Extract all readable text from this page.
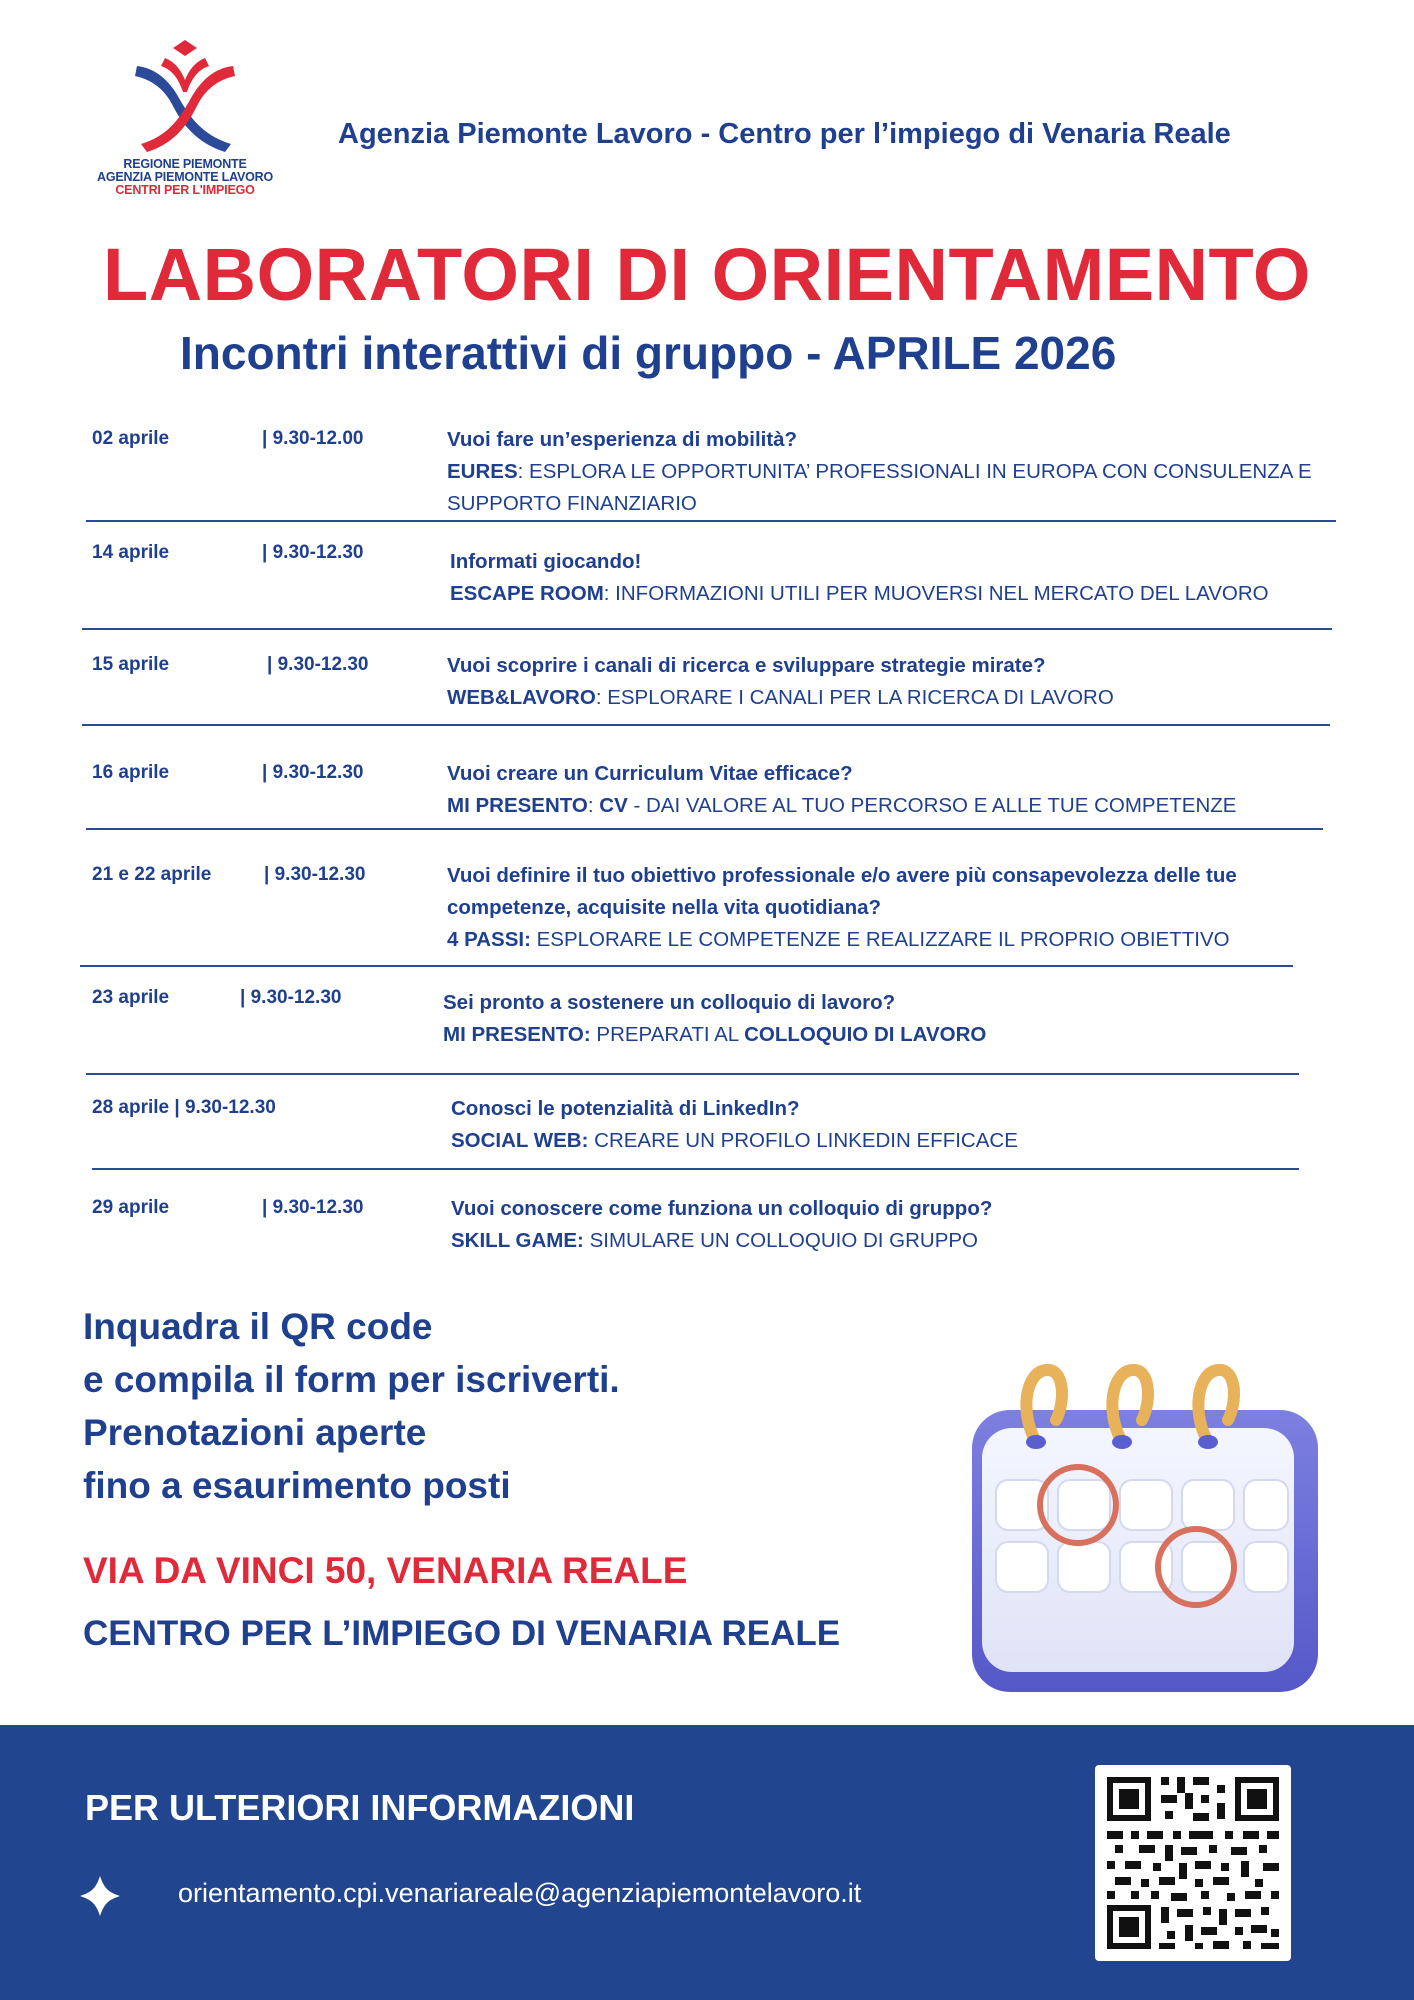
REGIONE PIEMONTE
AGENZIA PIEMONTE LAVORO
CENTRI PER L'IMPIEGO
Agenzia Piemonte Lavoro - Centro per l’impiego di Venaria Reale
LABORATORI DI ORIENTAMENTO
Incontri interattivi di gruppo - APRILE 2026
02 aprile	| 9.30-12.00	Vuoi fare un’esperienza di mobilità?
EURES: ESPLORA LE OPPORTUNITA’ PROFESSIONALI IN EUROPA CON CONSULENZA E SUPPORTO FINANZIARIO
14 aprile	| 9.30-12.30	Informati giocando!
ESCAPE ROOM: INFORMAZIONI UTILI PER MUOVERSI NEL MERCATO DEL LAVORO
15 aprile	| 9.30-12.30	Vuoi scoprire i canali di ricerca e sviluppare strategie mirate?
WEB&LAVORO: ESPLORARE I CANALI PER LA RICERCA DI LAVORO
16 aprile	| 9.30-12.30	Vuoi creare un Curriculum Vitae efficace?
MI PRESENTO: CV - DAI VALORE AL TUO PERCORSO E ALLE TUE COMPETENZE
21 e 22 aprile	| 9.30-12.30	Vuoi definire il tuo obiettivo professionale e/o avere più consapevolezza delle tue competenze, acquisite nella vita quotidiana?
4 PASSI: ESPLORARE LE COMPETENZE E REALIZZARE IL PROPRIO OBIETTIVO
23 aprile	| 9.30-12.30	Sei pronto a sostenere un colloquio di lavoro?
MI PRESENTO: PREPARATI AL COLLOQUIO DI LAVORO
28 aprile | 9.30-12.30	Conosci le potenzialità di LinkedIn?
SOCIAL WEB: CREARE UN PROFILO LINKEDIN EFFICACE
29 aprile	| 9.30-12.30	Vuoi conoscere come funziona un colloquio di gruppo?
SKILL GAME: SIMULARE UN COLLOQUIO DI GRUPPO
Inquadra il QR code
e compila il form per iscriverti.
Prenotazioni aperte
fino a esaurimento posti
VIA DA VINCI 50, VENARIA REALE
CENTRO PER L’IMPIEGO DI VENARIA REALE
PER ULTERIORI INFORMAZIONI
orientamento.cpi.venariareale@agenziapiemontelavoro.it
